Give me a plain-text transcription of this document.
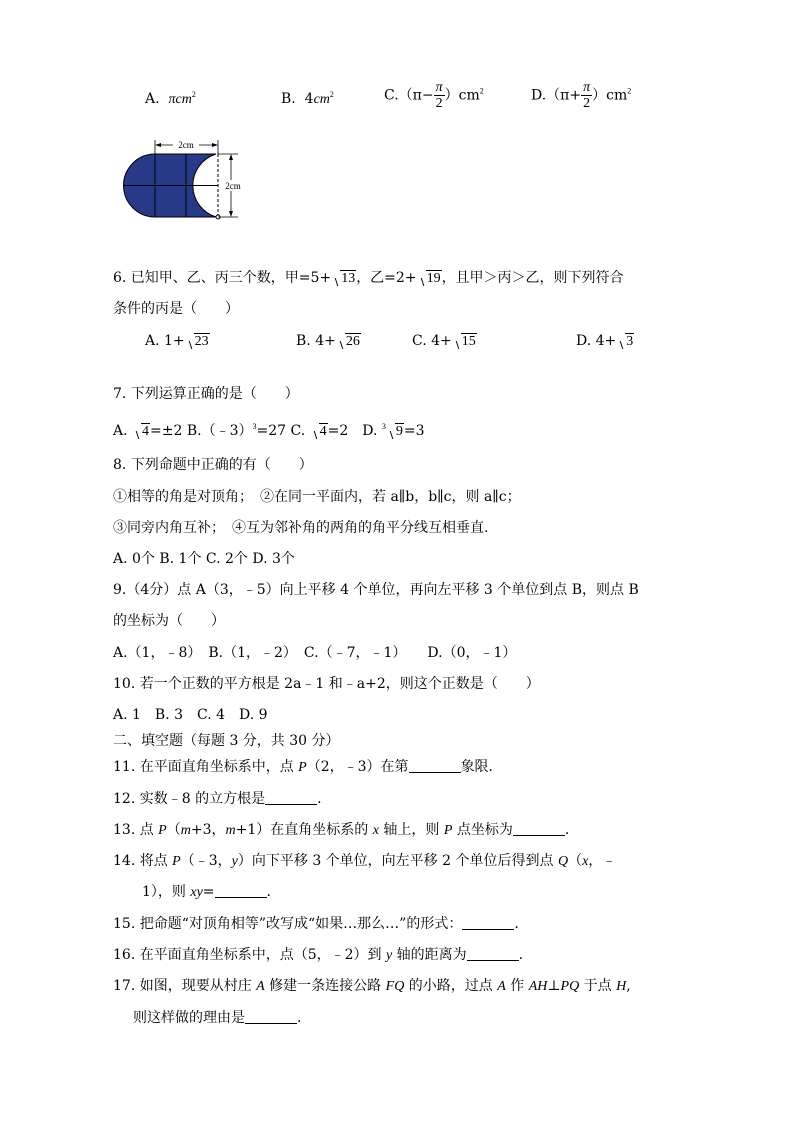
A. πcm$^2$	B.  $4cm^2$	$C.(\pi- \frac{\pi}{2} )cm^2$	$D.(\pi+ \frac{\pi}{2} )cm^2$
2cm
2cm
6. 已知甲、乙、丙三个数，甲=5+ 13，乙=2+ 19，且甲＞丙＞乙，则下列符合
条件的丙是（　　）
A. 1+ 23	B. 4+ 26	C. 4+ 15	D. 4+ 3
7. 下列运算正确的是（　　）
A. 4=±2 B.（﹣3）$^3$=27 C. 4=2　D. $^3$ 9=3
8. 下列命题中正确的有（　　）
①相等的角是对顶角；　②在同一平面内，若 a∥b，b∥c，则 a∥c；
③同旁内角互补；　④互为邻补角的两角的角平分线互相垂直.
A. 0个 B. 1个 C. 2个 D. 3个
9.（4分）点 A（3，﹣5）向上平移 4 个单位，再向左平移 3 个单位到点 B，则点 B
的坐标为（　　）
A.（1，﹣8）　B.（1，﹣2）　C.（﹣7，﹣1）　　D.（0，﹣1）
10. 若一个正数的平方根是 2a﹣1 和﹣a+2，则这个正数是（　　）
A. 1　B. 3　C. 4　D. 9
二、填空题（每题 3 分，共 30 分）
11. 在平面直角坐标系中，点 P（2，﹣3）在第	象限.
12. 实数﹣8 的立方根是	.
13. 点 P（m+3，m+1）在直角坐标系的 x 轴上，则 P 点坐标为	.
14. 将点 P（﹣3，y）向下平移 3 个单位，向左平移 2 个单位后得到点 Q（x，﹣
1），则 xy=	.
15. 把命题“对顶角相等”改写成“如果…那么…”的形式：	.
16. 在平面直角坐标系中，点（5，﹣2）到 y 轴的距离为	.
17. 如图，现要从村庄 A 修建一条连接公路 FQ 的小路，过点 A 作 AH⊥PQ 于点 H,
则这样做的理由是	.
